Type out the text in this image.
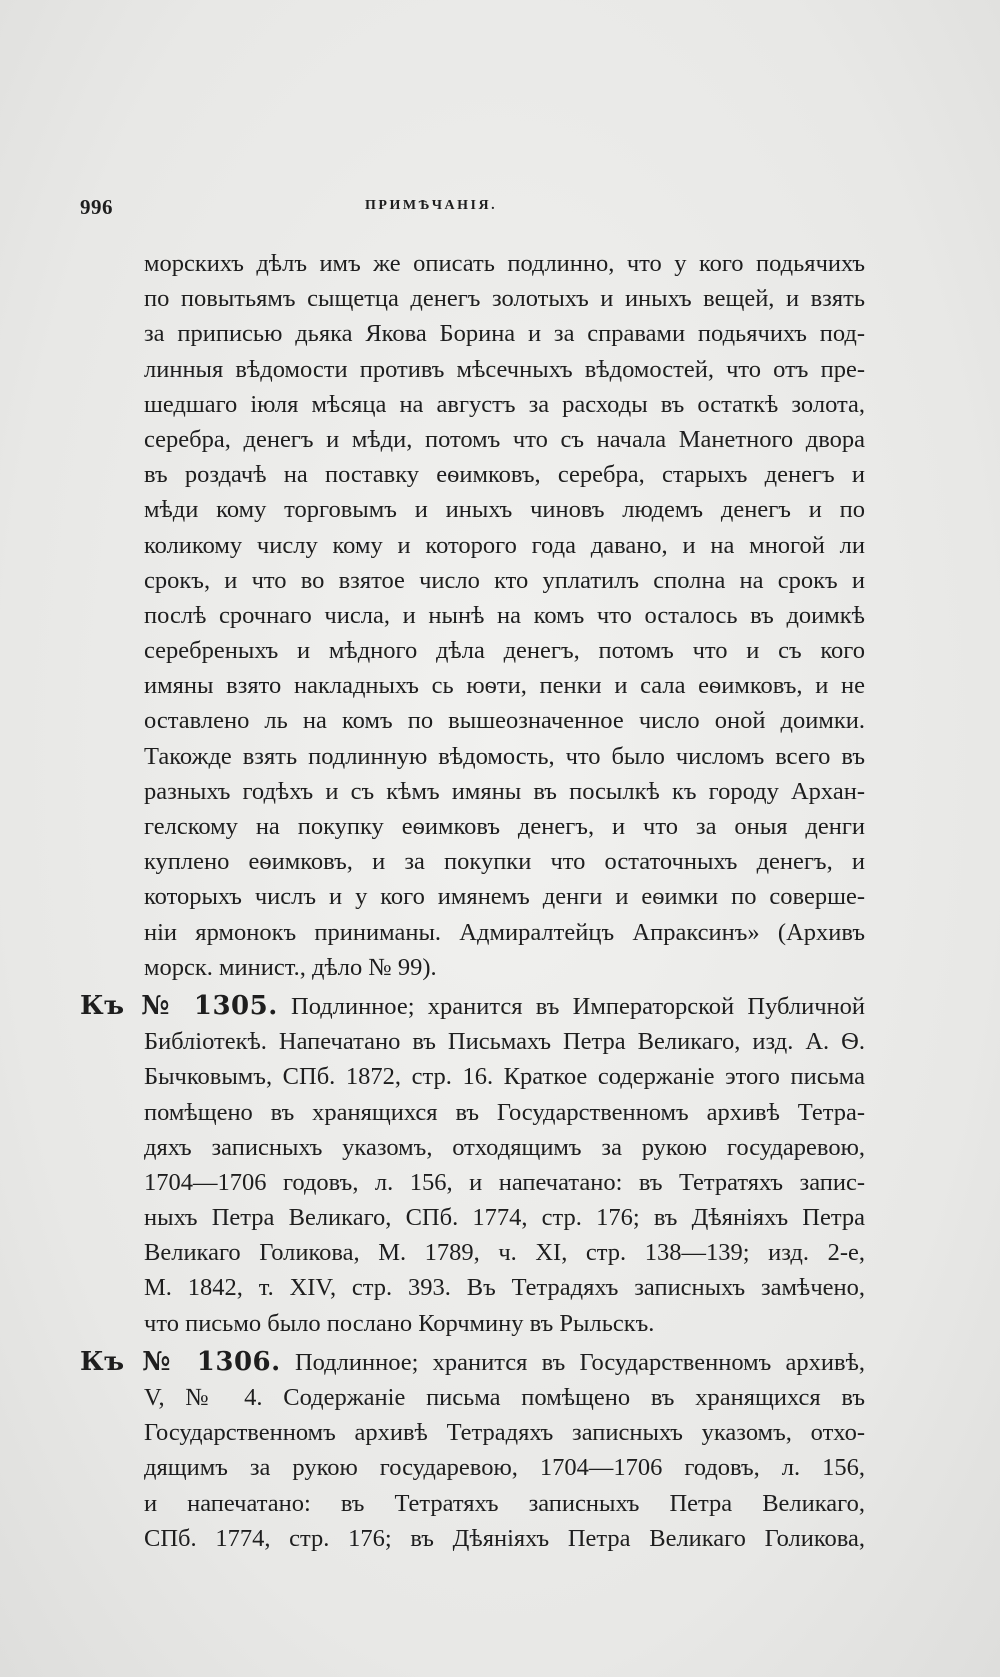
996	ПРИМѢЧАНІЯ.
морскихъ дѣлъ имъ же описать подлинно, что у кого подьячихъ
по повытьямъ сыщетца денегъ золотыхъ и иныхъ вещей, и взять
за приписью дьяка Якова Борина и за справами подьячихъ под-
линныя вѣдомости противъ мѣсечныхъ вѣдомостей, что отъ пре-
шедшаго іюля мѣсяца на августъ за расходы въ остаткѣ золота,
серебра, денегъ и мѣди, потомъ что съ начала Манетного двора
въ роздачѣ на поставку еѳимковъ, серебра, старыхъ денегъ и
мѣди кому торговымъ и иныхъ чиновъ людемъ денегъ и по
коликому числу кому и которого года давано, и на многой ли
срокъ, и что во взятое число кто уплатилъ сполна на срокъ и
послѣ срочнаго числа, и нынѣ на комъ что осталось въ доимкѣ
серебреныхъ и мѣдного дѣла денегъ, потомъ что и съ кого
имяны взято накладныхъ сь юѳти, пенки и сала еѳимковъ, и не
оставлено ль на комъ по вышеозначенное число оной доимки.
Такожде взять подлинную вѣдомость, что было числомъ всего въ
разныхъ годѣхъ и съ кѣмъ имяны въ посылкѣ къ городу Архан-
гелскому на покупку еѳимковъ денегъ, и что за оныя денги
куплено еѳимковъ, и за покупки что остаточныхъ денегъ, и
которыхъ числъ и у кого имянемъ денги и еѳимки по соверше-
ніи ярмонокъ приниманы. Адмиралтейцъ Апраксинъ» (Архивъ
морск. минист., дѣло № 99).
Къ № 1305. Подлинное; хранится въ Императорской Публичной
Библіотекѣ. Напечатано въ Письмахъ Петра Великаго, изд. А. Ѳ.
Бычковымъ, СПб. 1872, стр. 16. Краткое содержаніе этого письма
помѣщено въ хранящихся въ Государственномъ архивѣ Тетра-
дяхъ записныхъ указомъ, отходящимъ за рукою государевою,
1704—1706 годовъ, л. 156, и напечатано: въ Тетратяхъ запис-
ныхъ Петра Великаго, СПб. 1774, стр. 176; въ Дѣяніяхъ Петра
Великаго Голикова, М. 1789, ч. XI, стр. 138—139; изд. 2-е,
М. 1842, т. XIV, стр. 393. Въ Тетрадяхъ записныхъ замѣчено,
что письмо было послано Корчмину въ Рыльскъ.
Къ № 1306. Подлинное; хранится въ Государственномъ архивѣ,
V, № 4. Содержаніе письма помѣщено въ хранящихся въ
Государственномъ архивѣ Тетрадяхъ записныхъ указомъ, отхо-
дящимъ за рукою государевою, 1704—1706 годовъ, л. 156,
и напечатано: въ Тетратяхъ записныхъ Петра Великаго,
СПб. 1774, стр. 176; въ Дѣяніяхъ Петра Великаго Голикова,
